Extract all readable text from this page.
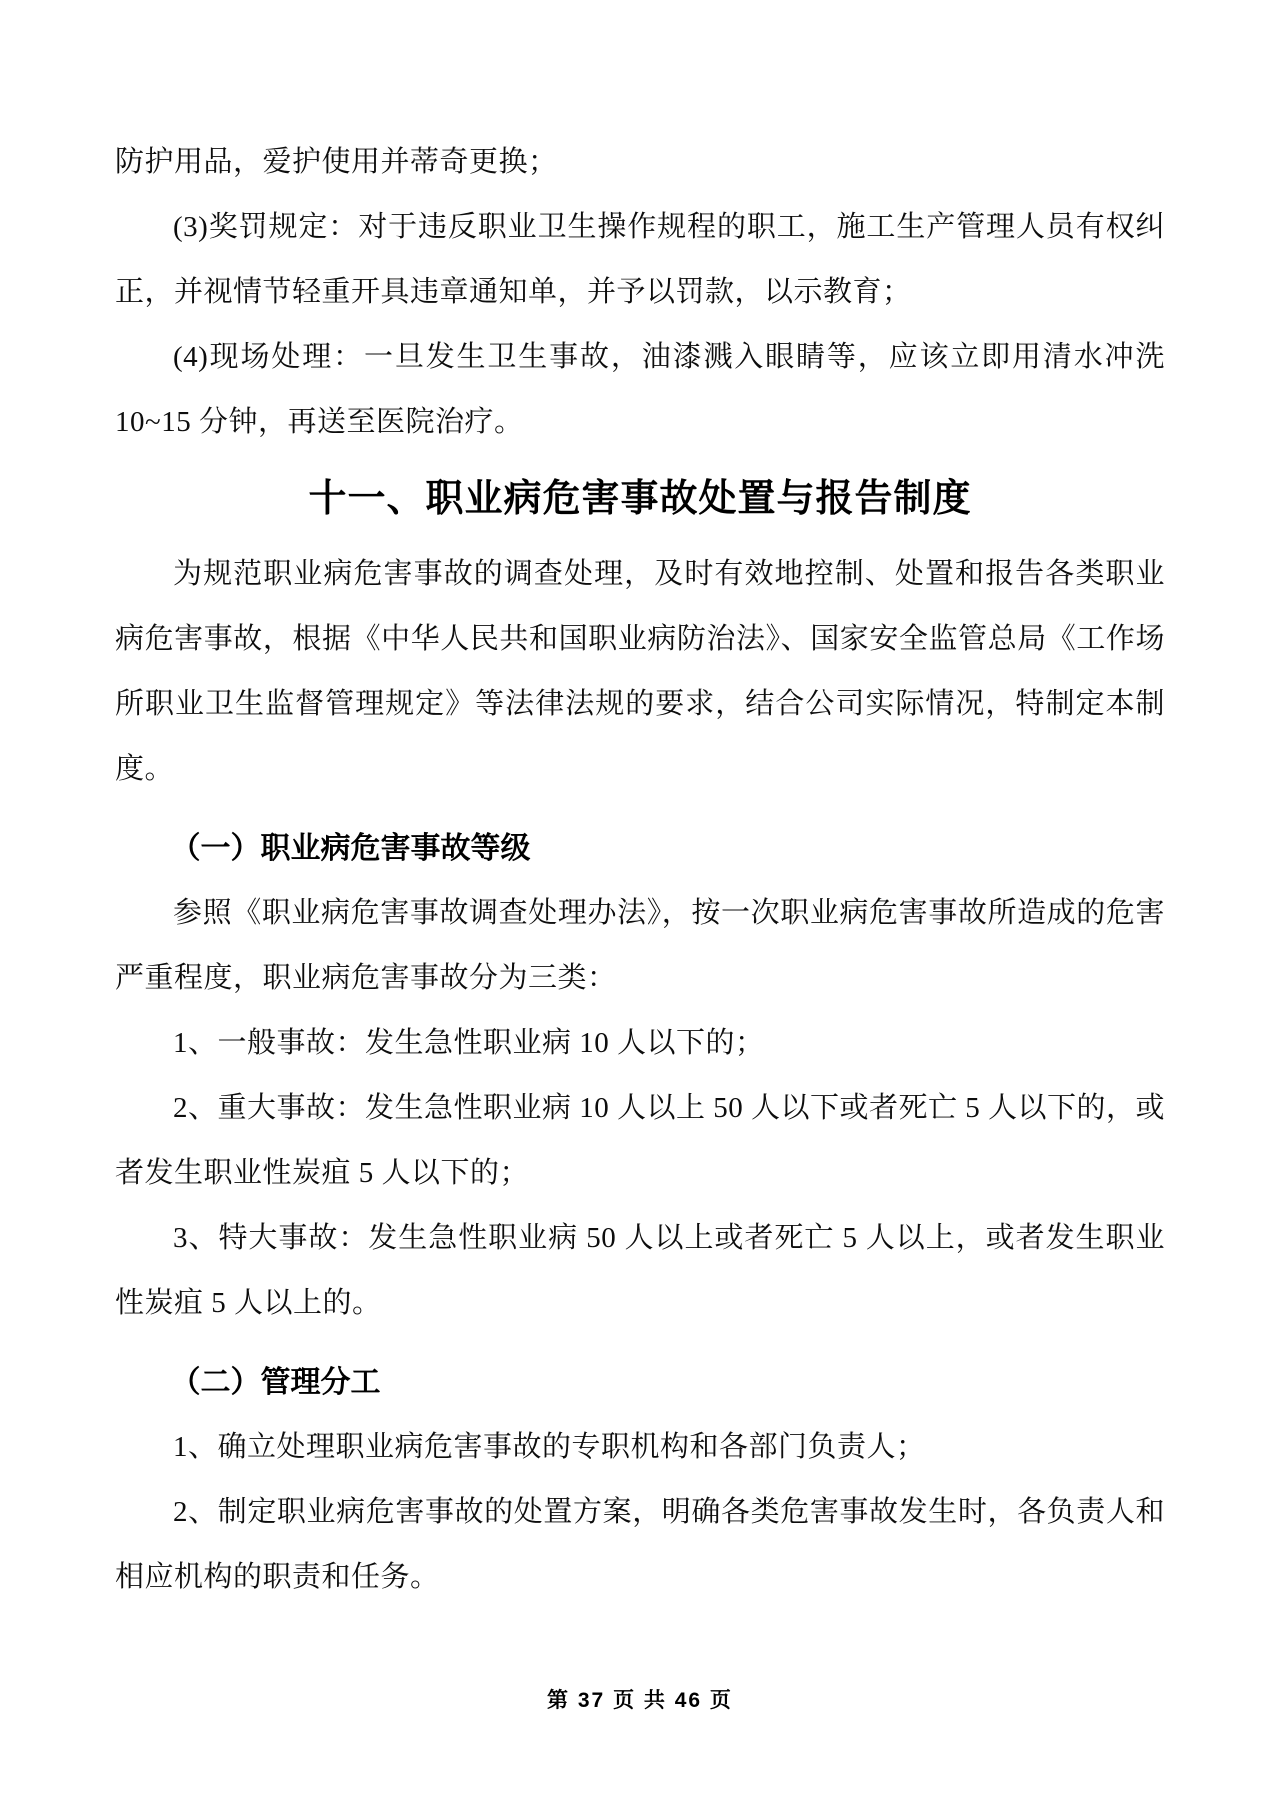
防护用品，爱护使用并蒂奇更换；

(3)奖罚规定：对于违反职业卫生操作规程的职工，施工生产管理人员有权纠正，并视情节轻重开具违章通知单，并予以罚款，以示教育；

(4)现场处理：一旦发生卫生事故，油漆溅入眼睛等，应该立即用清水冲洗 10~15 分钟，再送至医院治疗。

十一、职业病危害事故处置与报告制度

为规范职业病危害事故的调查处理，及时有效地控制、处置和报告各类职业病危害事故，根据《中华人民共和国职业病防治法》、国家安全监管总局《工作场所职业卫生监督管理规定》等法律法规的要求，结合公司实际情况，特制定本制度。

（一）职业病危害事故等级

参照《职业病危害事故调查处理办法》，按一次职业病危害事故所造成的危害严重程度，职业病危害事故分为三类：

1、一般事故：发生急性职业病 10 人以下的；

2、重大事故：发生急性职业病 10 人以上 50 人以下或者死亡 5 人以下的，或者发生职业性炭疽 5 人以下的；

3、特大事故：发生急性职业病 50 人以上或者死亡 5 人以上，或者发生职业性炭疽 5 人以上的。

（二）管理分工

1、确立处理职业病危害事故的专职机构和各部门负责人；

2、制定职业病危害事故的处置方案，明确各类危害事故发生时，各负责人和相应机构的职责和任务。

第 37 页 共 46 页
